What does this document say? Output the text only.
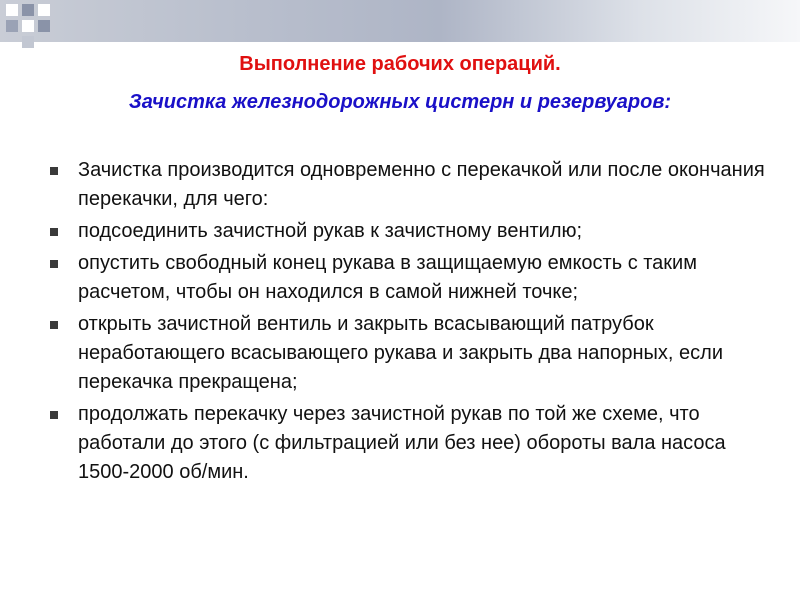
Выполнение рабочих операций.
Зачистка железнодорожных цистерн и резервуаров:
Зачистка производится одновременно с перекачкой или после окончания перекачки, для чего:
подсоединить зачистной рукав к зачистному вентилю;
опустить свободный конец рукава в защищаемую емкость с таким расчетом, чтобы он находился в самой нижней точке;
открыть зачистной вентиль и закрыть всасывающий патрубок неработающего всасывающего рукава и закрыть два напорных, если перекачка прекращена;
продолжать перекачку через зачистной рукав по той же схеме, что работали до этого (с фильтрацией или без нее) обороты вала насоса 1500-2000 об/мин.
